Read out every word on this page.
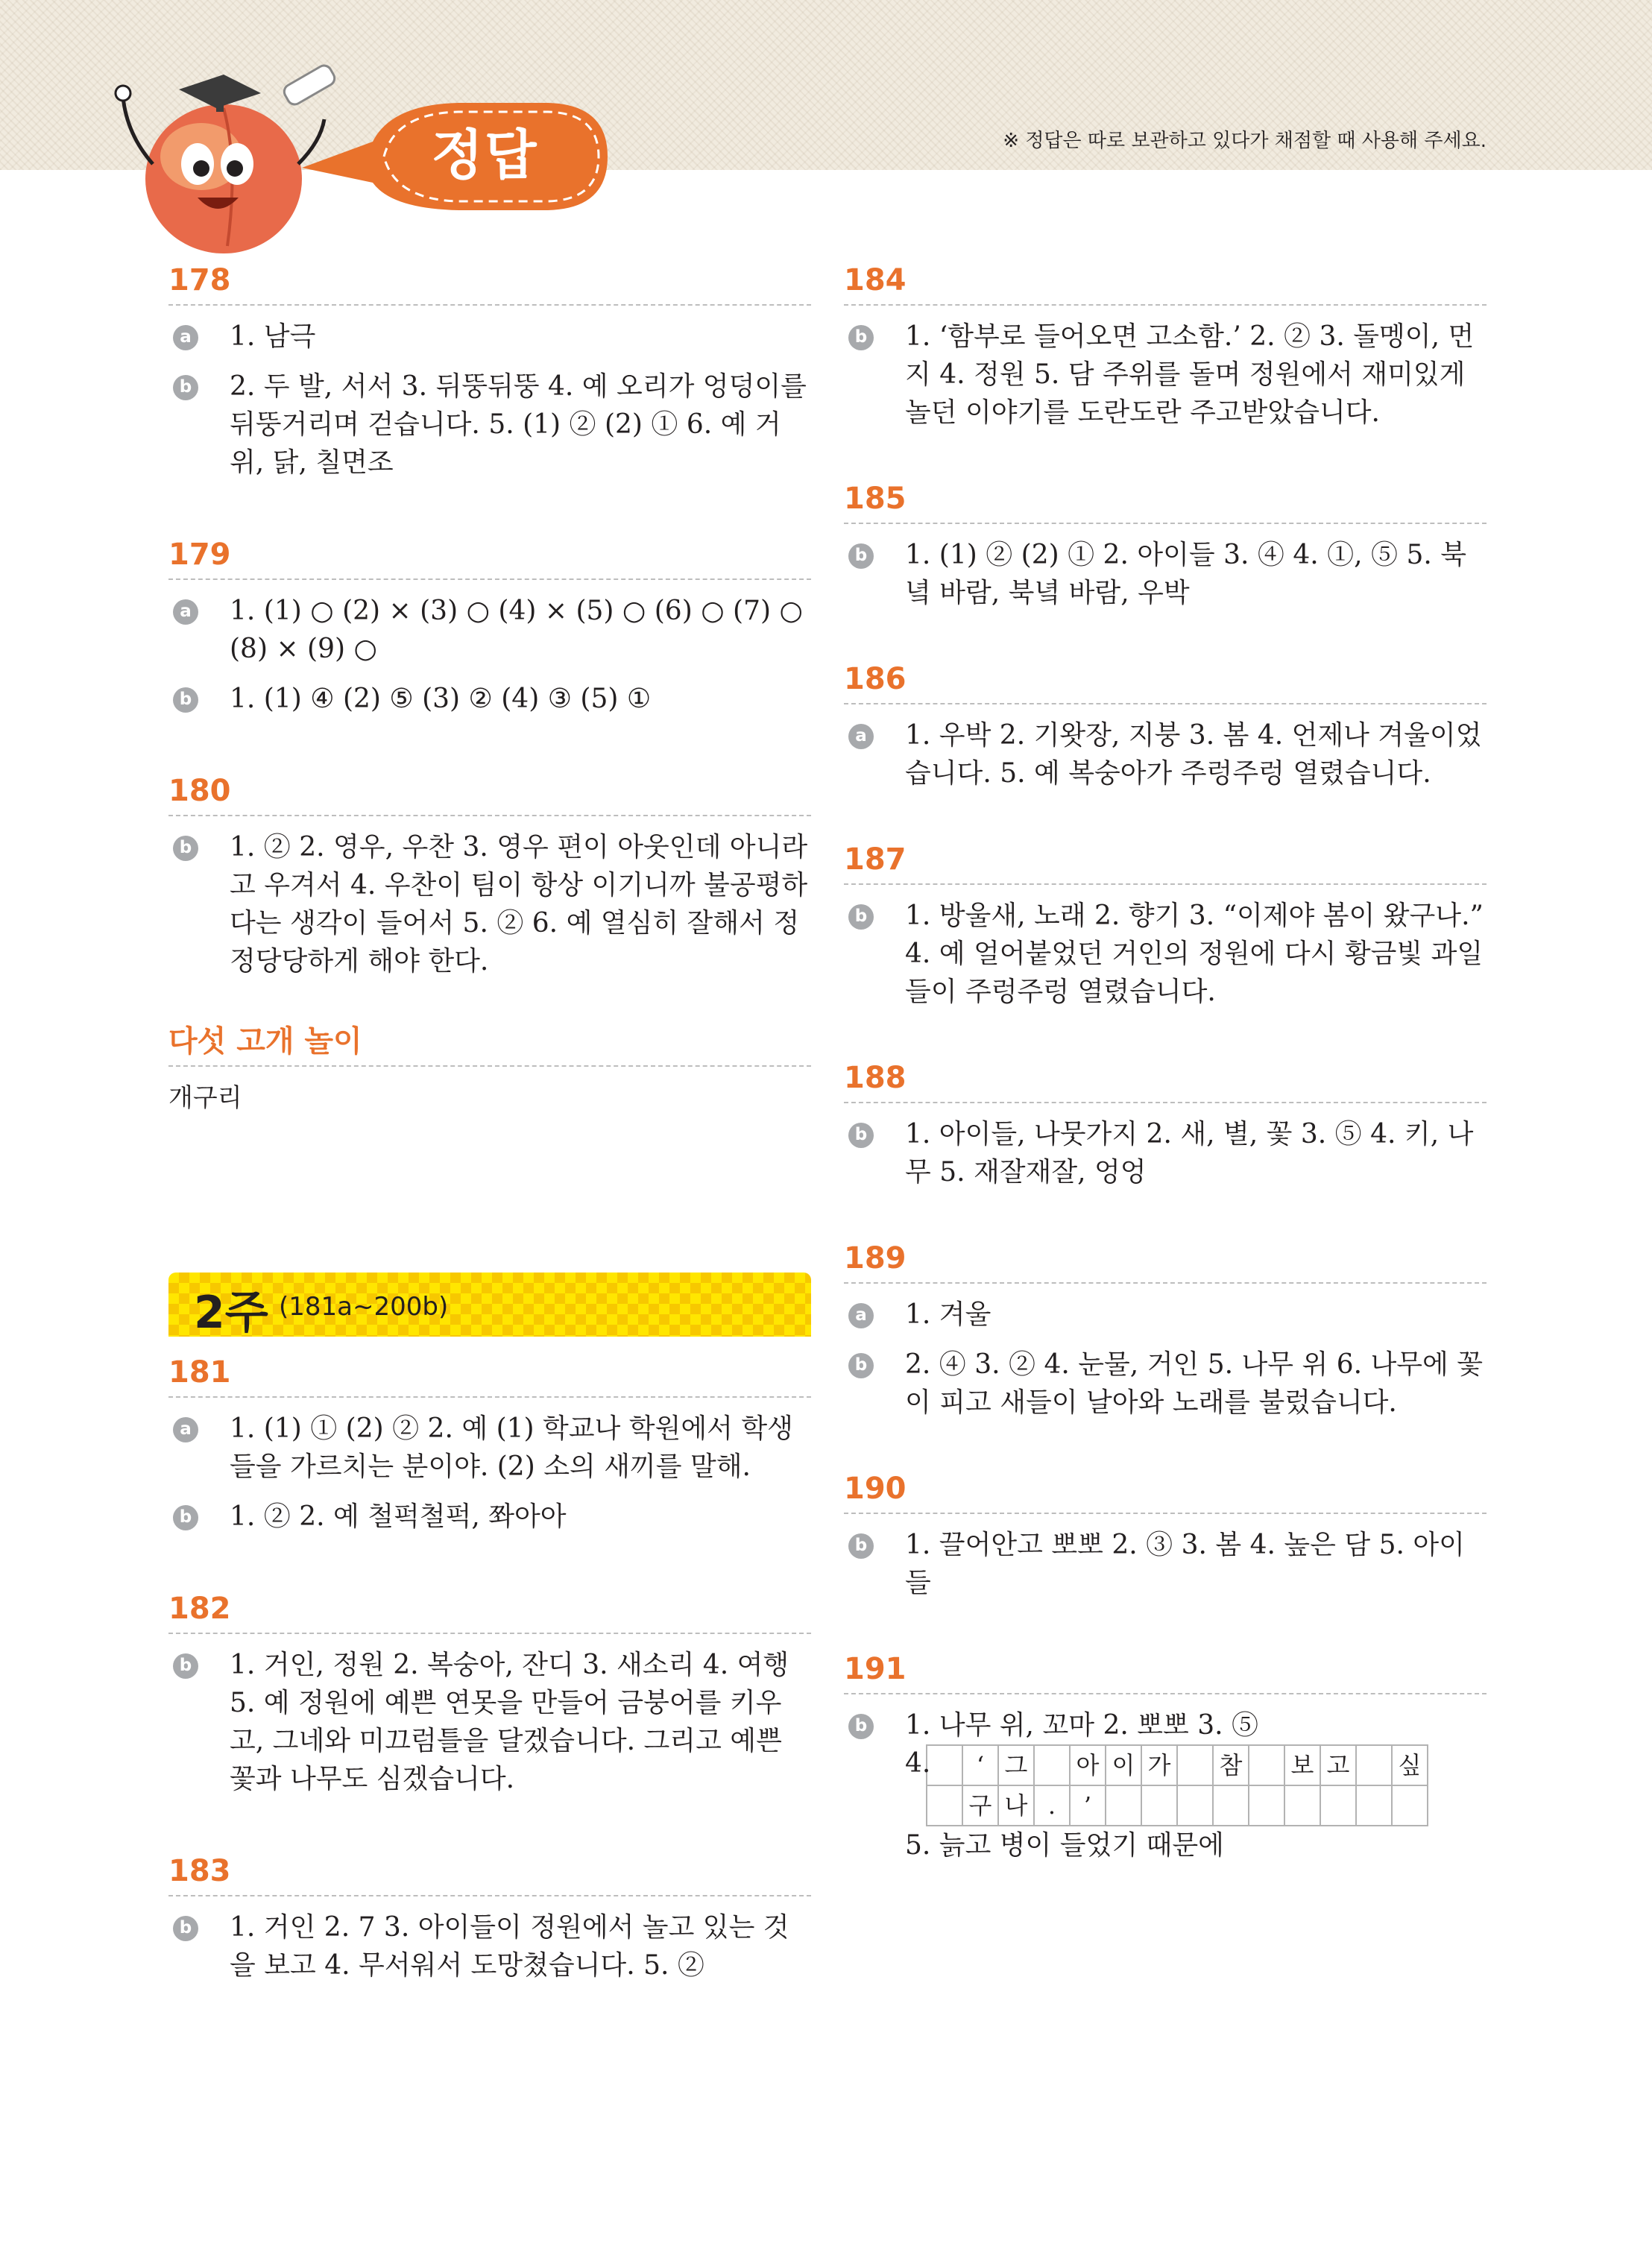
정답	※ 정답은 따로 보관하고 있다가 채점할 때 사용해 주세요.
178
a 1. 남극
b 2. 두 발, 서서 3. 뒤뚱뒤뚱 4. 예 오리가 엉덩이를 뒤뚱거리며 걷습니다. 5. (1) ② (2) ① 6. 예 거위, 닭, 칠면조
179
a 1. (1) ○ (2) × (3) ○ (4) × (5) ○ (6) ○ (7) ○ (8) × (9) ○
b 1. (1) ④ (2) ⑤ (3) ② (4) ③ (5) ①
180
b 1. ② 2. 영우, 우찬 3. 영우 편이 아웃인데 아니라고 우겨서 4. 우찬이 팀이 항상 이기니까 불공평하다는 생각이 들어서 5. ② 6. 예 열심히 잘해서 정정당당하게 해야 한다.
다섯 고개 놀이
개구리
2주 (181a~200b)
181
a 1. (1) ① (2) ② 2. 예 (1) 학교나 학원에서 학생들을 가르치는 분이야. (2) 소의 새끼를 말해.
b 1. ② 2. 예 철퍽철퍽, 쫘아아
182
b 1. 거인, 정원 2. 복숭아, 잔디 3. 새소리 4. 여행 5. 예 정원에 예쁜 연못을 만들어 금붕어를 키우고, 그네와 미끄럼틀을 달겠습니다. 그리고 예쁜 꽃과 나무도 심겠습니다.
183
b 1. 거인 2. 7 3. 아이들이 정원에서 놀고 있는 것을 보고 4. 무서워서 도망쳤습니다. 5. ②
184
b 1. ‘함부로 들어오면 고소함.’ 2. ② 3. 돌멩이, 먼지 4. 정원 5. 담 주위를 돌며 정원에서 재미있게 놀던 이야기를 도란도란 주고받았습니다.
185
b 1. (1) ② (2) ① 2. 아이들 3. ④ 4. ①, ⑤ 5. 북녘 바람, 북녘 바람, 우박
186
a 1. 우박 2. 기왓장, 지붕 3. 봄 4. 언제나 겨울이었습니다. 5. 예 복숭아가 주렁주렁 열렸습니다.
187
b 1. 방울새, 노래 2. 향기 3. “이제야 봄이 왔구나.” 4. 예 얼어붙었던 거인의 정원에 다시 황금빛 과일들이 주렁주렁 열렸습니다.
188
b 1. 아이들, 나뭇가지 2. 새, 별, 꽃 3. ⑤ 4. 키, 나무 5. 재잘재잘, 엉엉
189
a 1. 겨울
b 2. ④ 3. ② 4. 눈물, 거인 5. 나무 위 6. 나무에 꽃이 피고 새들이 날아와 노래를 불렀습니다.
190
b 1. 끌어안고 뽀뽀 2. ③ 3. 봄 4. 높은 담 5. 아이들
191
b 1. 나무 위, 꼬마 2. 뽀뽀 3. ⑤
4.
	‘	그		아	이	가		참		보	고		싶
	구	나	.	’									
5. 늙고 병이 들었기 때문에
